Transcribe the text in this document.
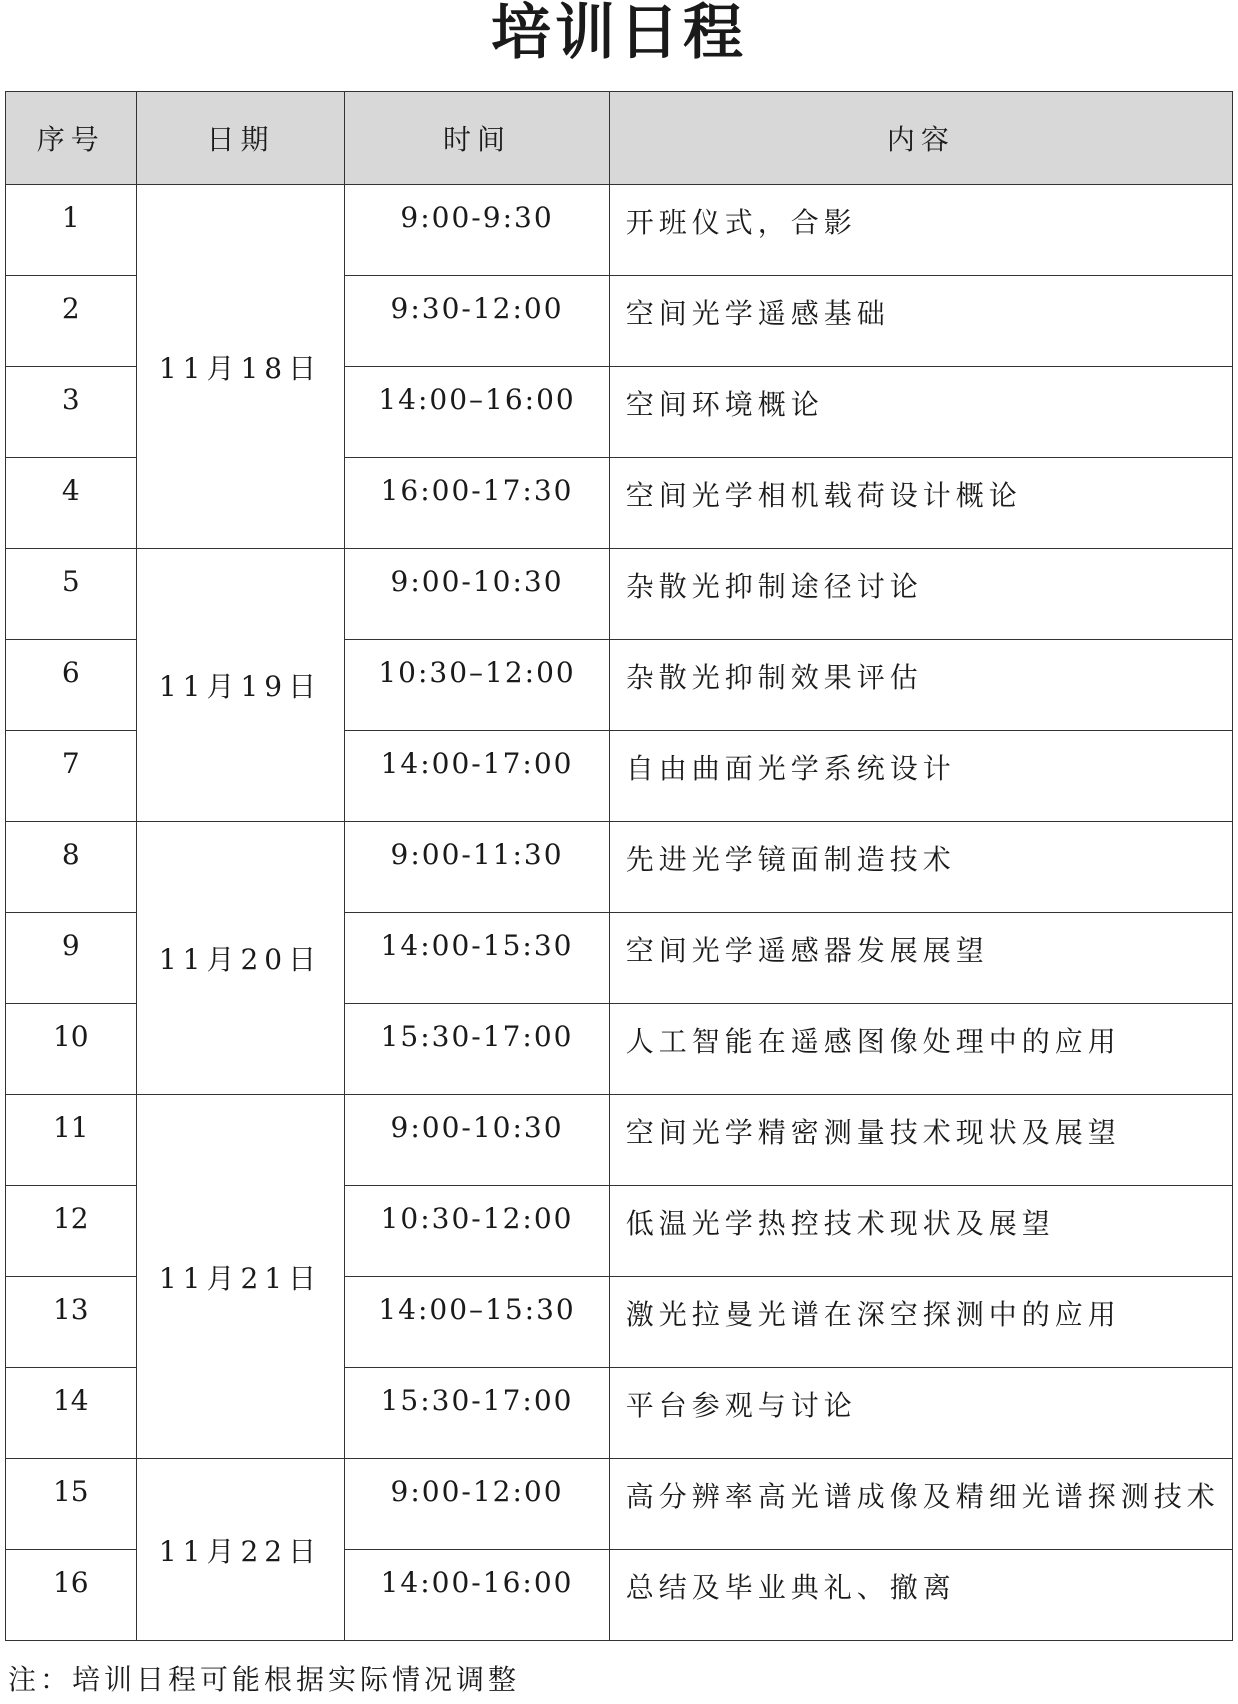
培训日程
序号	日期	时间	内容
1	11月18日	9:00-9:30	开班仪式，合影
2		9:30-12:00	空间光学遥感基础
3		14:00–16:00	空间环境概论
4		16:00-17:30	空间光学相机载荷设计概论
5	11月19日	9:00-10:30	杂散光抑制途径讨论
6		10:30–12:00	杂散光抑制效果评估
7		14:00-17:00	自由曲面光学系统设计
8	11月20日	9:00-11:30	先进光学镜面制造技术
9		14:00-15:30	空间光学遥感器发展展望
10		15:30-17:00	人工智能在遥感图像处理中的应用
11	11月21日	9:00-10:30	空间光学精密测量技术现状及展望
12		10:30-12:00	低温光学热控技术现状及展望
13		14:00–15:30	激光拉曼光谱在深空探测中的应用
14		15:30-17:00	平台参观与讨论
15	11月22日	9:00-12:00	高分辨率高光谱成像及精细光谱探测技术
16		14:00-16:00	总结及毕业典礼、撤离
注：培训日程可能根据实际情况调整
